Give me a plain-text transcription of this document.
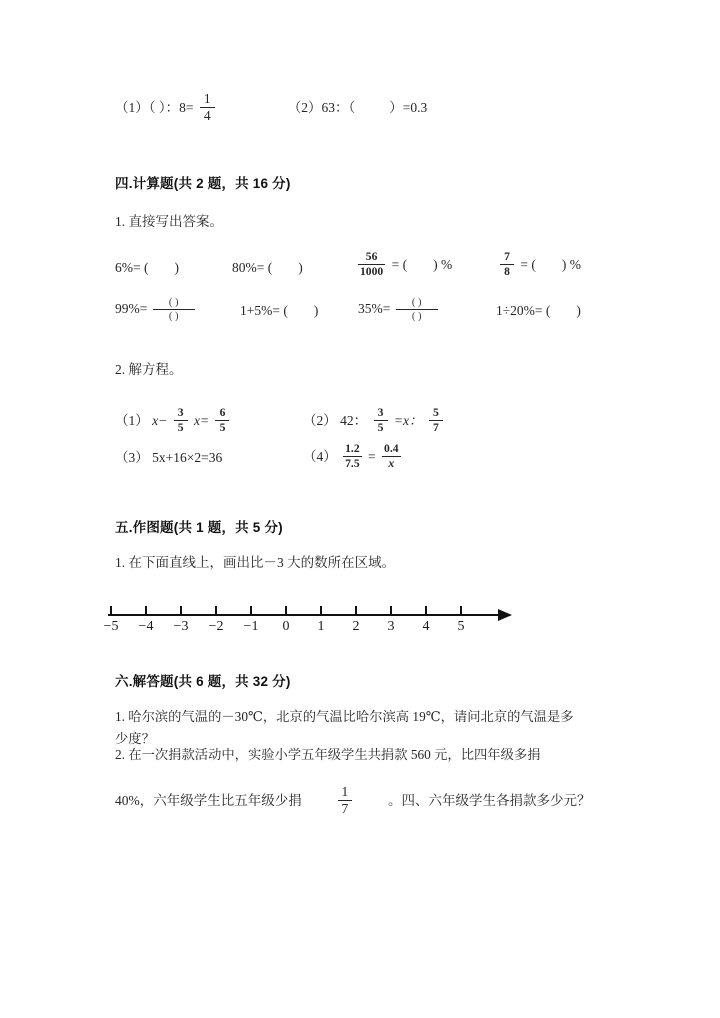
（1）（ ）：$8= \frac{1}{4}$	（2）63：（	）=0.3
四.计算题(共 2 题，共 16 分)
1. 直接写出答案。
6%= ( )	80%= ( )	$\frac{56}{1000}$ = ( ) %	$\frac{7}{8}$ = ( ) %
$99\%= \frac{( )}{( )}$	1+5%= ( )	$35\%= \frac{( )}{( )}$	1÷20%= ( )
2. 解方程。
（1） $x- \frac{3}{5} x= \frac{6}{5}$	（2） 42： $\frac{3}{5} =x$： $\frac{5}{7}$
（3） 5x+16×2=36	$(4) \frac{1.2}{7.5} = \frac{0.4}{x}$
五.作图题(共 1 题，共 5 分)
1. 在下面直线上，画出比－3 大的数所在区域。
−5 −4 −3 −2 −1 0 1 2 3 4 5
六.解答题(共 6 题，共 32 分)
1. 哈尔滨的气温的－30℃，北京的气温比哈尔滨高 19℃，请问北京的气温是多
少度？
2. 在一次捐款活动中，实验小学五年级学生共捐款 560 元，比四年级多捐
40%，六年级学生比五年级少捐	$\frac{1}{7}$	。四、六年级学生各捐款多少元？
